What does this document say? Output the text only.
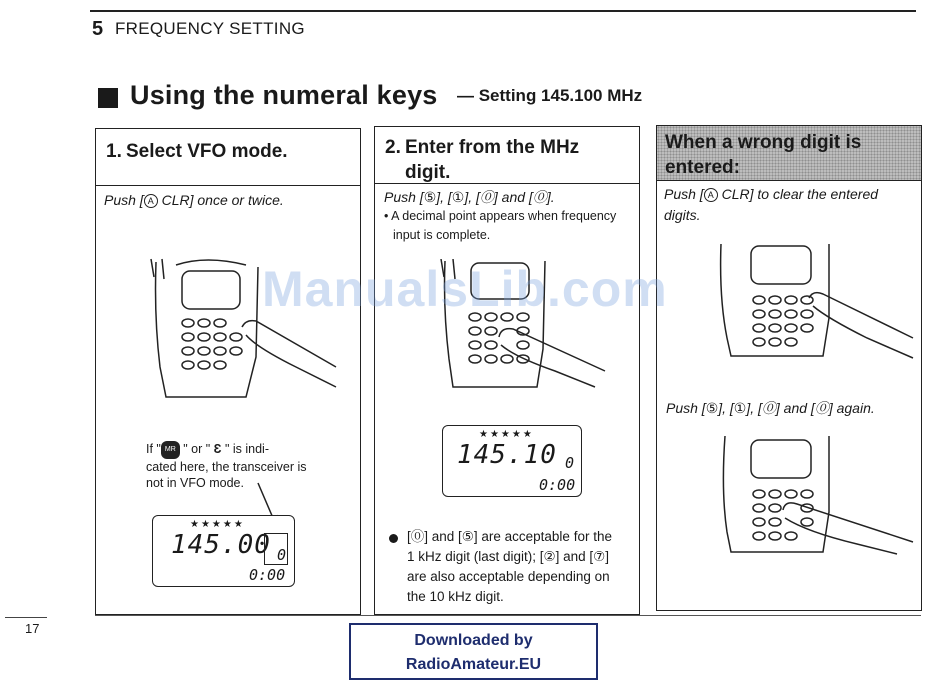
5 FREQUENCY SETTING
Using the numeral keys — Setting 145.100 MHz
1. Select VFO mode.
Push [ A CLR] once or twice.
If " MR " or " Ɛ " is indi-
cated here, the transceiver is
not in VFO mode.
★★★★★
145.00 0
0:00
2. Enter from the MHz
digit.
Push [⑤], [①], [⓪] and [⓪].
• A decimal point appears when frequency
input is complete.
★★★★★
145.10 0
0:00
[⓪] and [⑤] are acceptable for the
1 kHz digit (last digit); [②] and [⑦]
are also acceptable depending on
the 10 kHz digit.
When a wrong digit is
entered:
Push [ A CLR] to clear the entered
digits.
Push [⑤], [①], [⓪] and [⓪] again.
ManualsLib.com
17
Downloaded by
RadioAmateur.EU
